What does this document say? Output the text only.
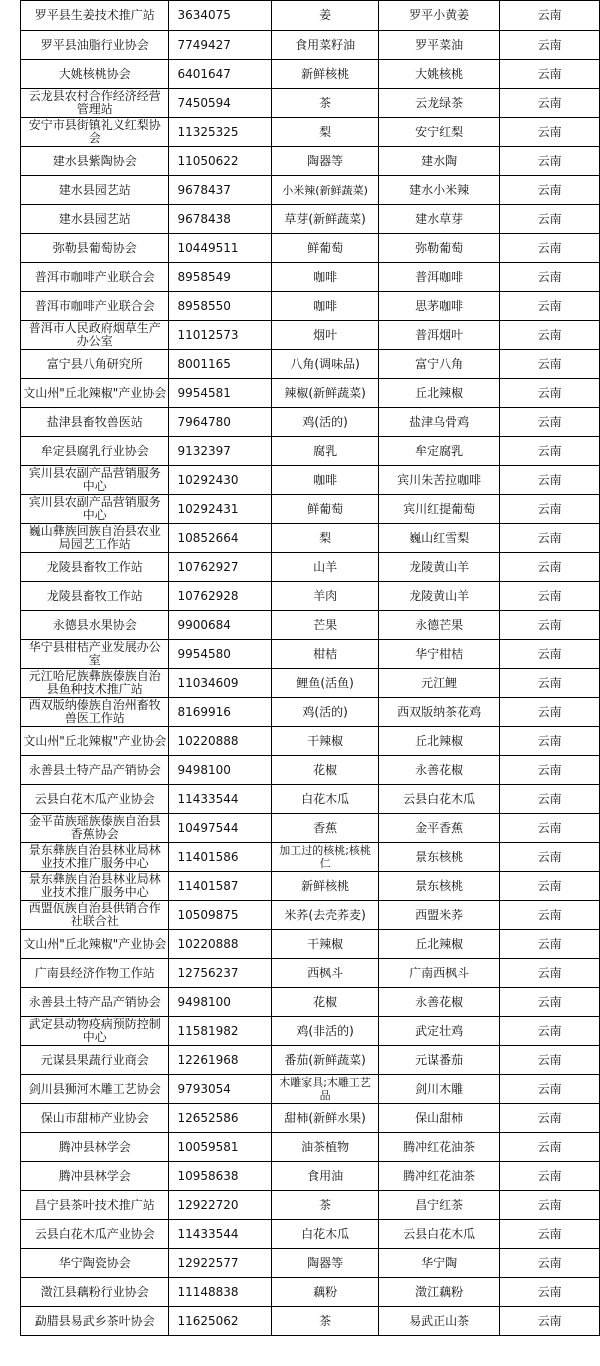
罗平县生姜技术推广站	3634075	姜	罗平小黄姜	云南
罗平县油脂行业协会	7749427	食用菜籽油	罗平菜油	云南
大姚核桃协会	6401647	新鲜核桃	大姚核桃	云南
云龙县农村合作经济经营管理站	7450594	茶	云龙绿茶	云南
安宁市县街镇礼义红梨协会	11325325	梨	安宁红梨	云南
建水县紫陶协会	11050622	陶器等	建水陶	云南
建水县园艺站	9678437	小米辣(新鲜蔬菜)	建水小米辣	云南
建水县园艺站	9678438	草芽(新鲜蔬菜)	建水草芽	云南
弥勒县葡萄协会	10449511	鲜葡萄	弥勒葡萄	云南
普洱市咖啡产业联合会	8958549	咖啡	普洱咖啡	云南
普洱市咖啡产业联合会	8958550	咖啡	思茅咖啡	云南
普洱市人民政府烟草生产办公室	11012573	烟叶	普洱烟叶	云南
富宁县八角研究所	8001165	八角(调味品)	富宁八角	云南
文山州"丘北辣椒"产业协会	9954581	辣椒(新鲜蔬菜)	丘北辣椒	云南
盐津县畜牧兽医站	7964780	鸡(活的)	盐津乌骨鸡	云南
牟定县腐乳行业协会	9132397	腐乳	牟定腐乳	云南
宾川县农副产品营销服务中心	10292430	咖啡	宾川朱苦拉咖啡	云南
宾川县农副产品营销服务中心	10292431	鲜葡萄	宾川红提葡萄	云南
巍山彝族回族自治县农业局园艺工作站	10852664	梨	巍山红雪梨	云南
龙陵县畜牧工作站	10762927	山羊	龙陵黄山羊	云南
龙陵县畜牧工作站	10762928	羊肉	龙陵黄山羊	云南
永德县水果协会	9900684	芒果	永德芒果	云南
华宁县柑桔产业发展办公室	9954580	柑桔	华宁柑桔	云南
元江哈尼族彝族傣族自治县鱼种技术推广站	11034609	鲤鱼(活鱼)	元江鲤	云南
西双版纳傣族自治州畜牧兽医工作站	8169916	鸡(活的)	西双版纳茶花鸡	云南
文山州"丘北辣椒"产业协会	10220888	干辣椒	丘北辣椒	云南
永善县土特产品产销协会	9498100	花椒	永善花椒	云南
云县白花木瓜产业协会	11433544	白花木瓜	云县白花木瓜	云南
金平苗族瑶族傣族自治县香蕉协会	10497544	香蕉	金平香蕉	云南
景东彝族自治县林业局林业技术推广服务中心	11401586	加工过的核桃;核桃仁	景东核桃	云南
景东彝族自治县林业局林业技术推广服务中心	11401587	新鲜核桃	景东核桃	云南
西盟佤族自治县供销合作社联合社	10509875	米荞(去壳荞麦)	西盟米荞	云南
文山州"丘北辣椒"产业协会	10220888	干辣椒	丘北辣椒	云南
广南县经济作物工作站	12756237	西枫斗	广南西枫斗	云南
永善县土特产品产销协会	9498100	花椒	永善花椒	云南
武定县动物疫病预防控制中心	11581982	鸡(非活的)	武定壮鸡	云南
元谋县果蔬行业商会	12261968	番茄(新鲜蔬菜)	元谋番茄	云南
剑川县狮河木雕工艺协会	9793054	木雕家具;木雕工艺品	剑川木雕	云南
保山市甜柿产业协会	12652586	甜柿(新鲜水果)	保山甜柿	云南
腾冲县林学会	10059581	油茶植物	腾冲红花油茶	云南
腾冲县林学会	10958638	食用油	腾冲红花油茶	云南
昌宁县茶叶技术推广站	12922720	茶	昌宁红茶	云南
云县白花木瓜产业协会	11433544	白花木瓜	云县白花木瓜	云南
华宁陶瓷协会	12922577	陶器等	华宁陶	云南
澂江县藕粉行业协会	11148838	藕粉	澂江藕粉	云南
勐腊县易武乡茶叶协会	11625062	茶	易武正山茶	云南
